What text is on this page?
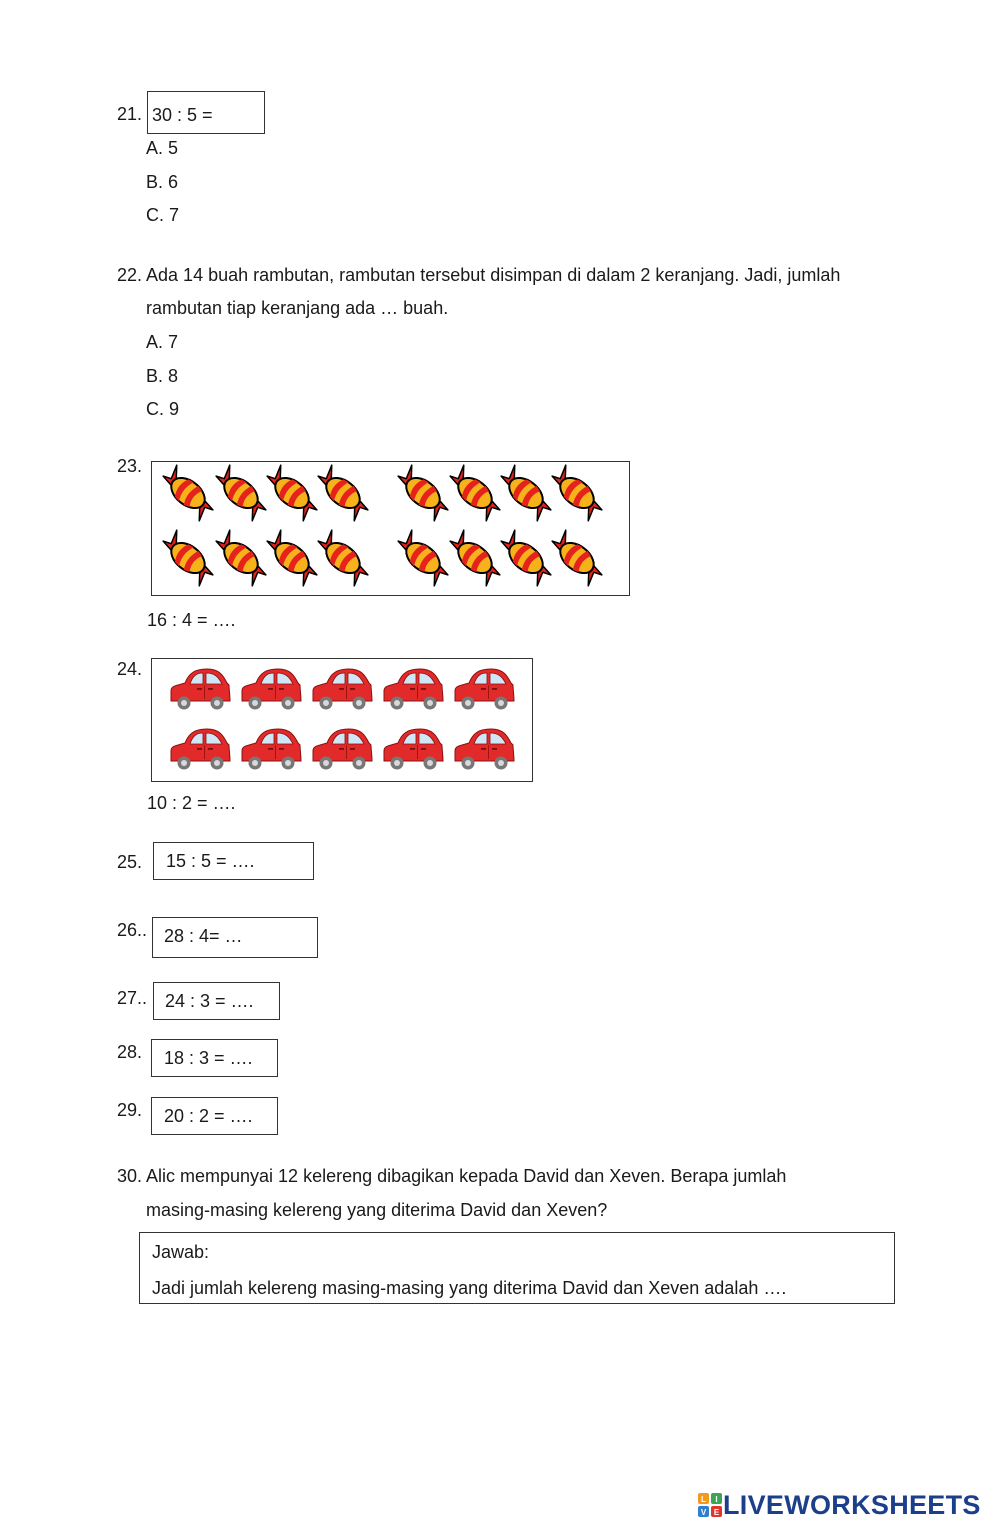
21. 30 : 5 =
A. 5
B. 6
C. 7
22. Ada 14 buah rambutan, rambutan tersebut disimpan di dalam 2 keranjang. Jadi, jumlah
rambutan tiap keranjang ada … buah.
A. 7
B. 8
C. 9
23.
16 : 4 = ….
24.
10 : 2 = ….
25. 15 : 5 = ….
26.. 28 : 4= …
27.. 24 : 3 = ….
28. 18 : 3 = ….
29. 20 : 2 = ….
30. Alic mempunyai 12 kelereng dibagikan kepada David dan Xeven. Berapa jumlah
masing-masing kelereng yang diterima David dan Xeven?
Jawab:
Jadi jumlah kelereng masing-masing yang diterima David dan Xeven adalah ….
L I
V E LIVEWORKSHEETS
